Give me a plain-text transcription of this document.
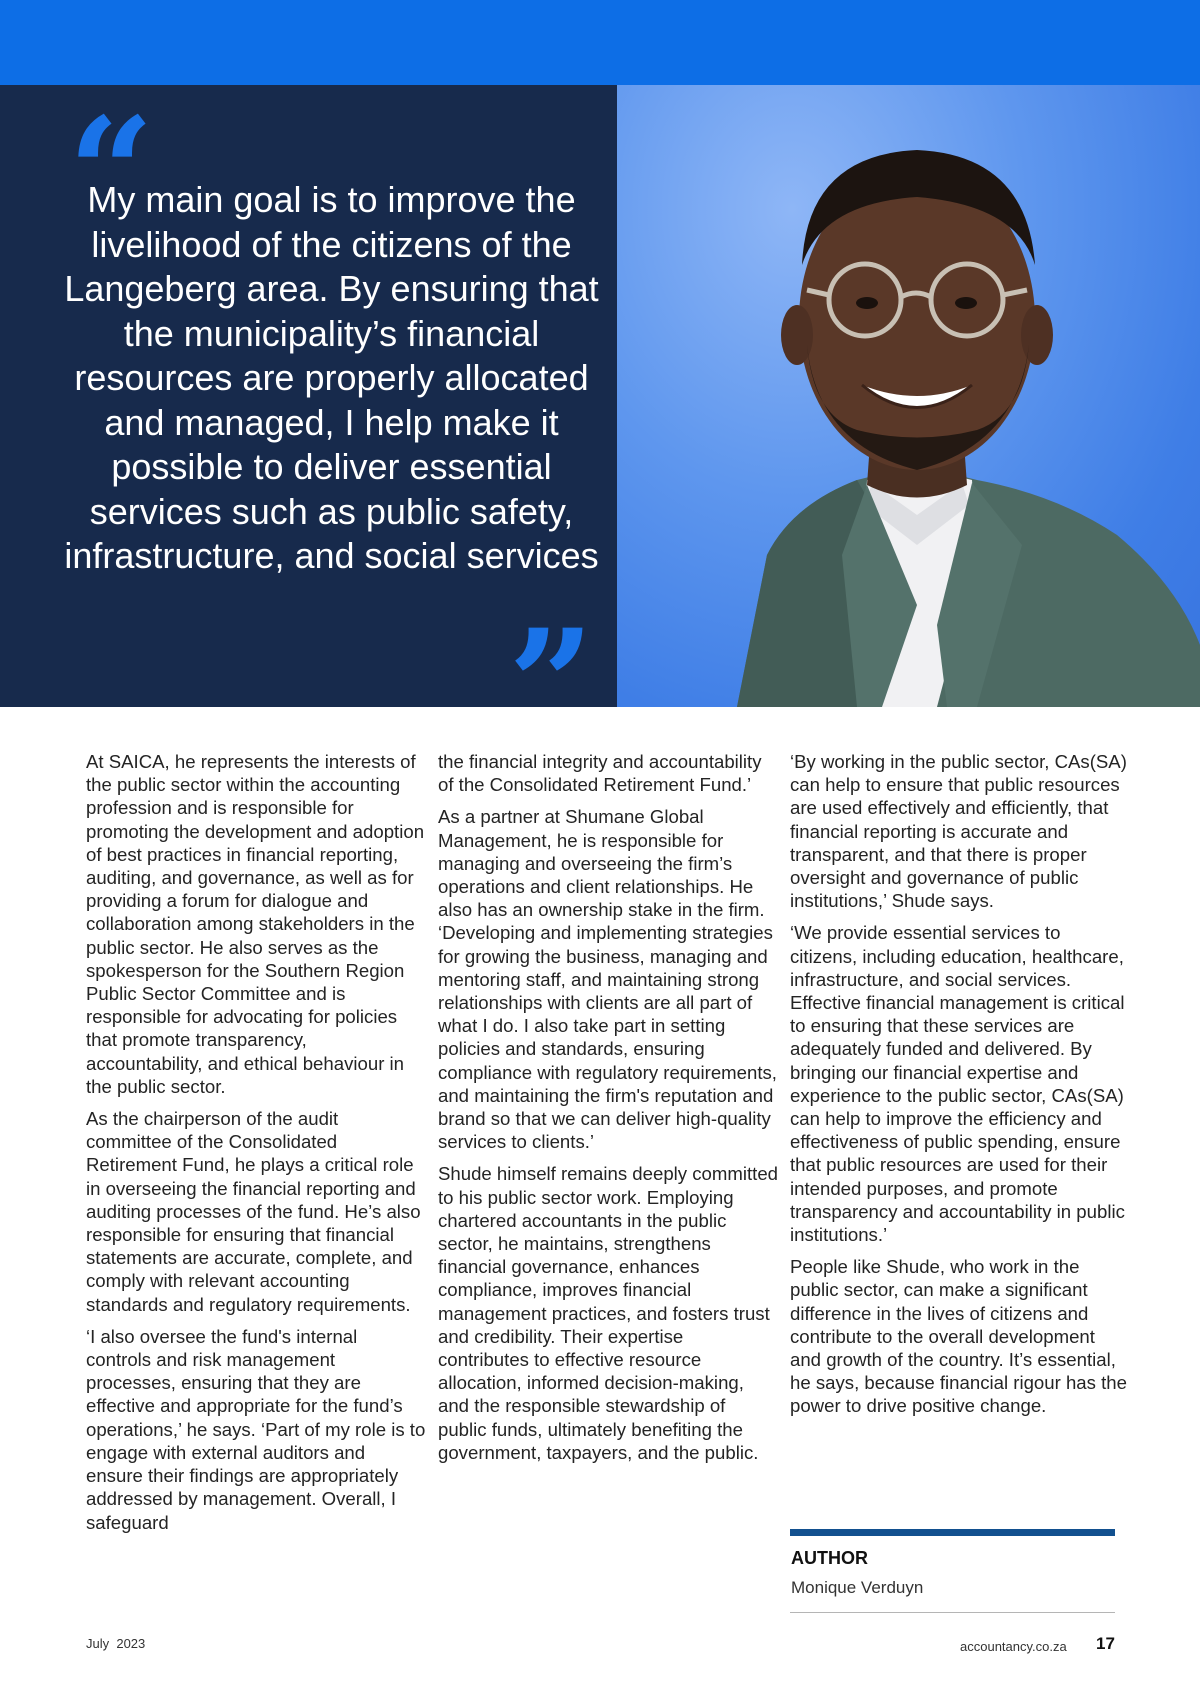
“

My main goal is to improve the livelihood of the citizens of the Langeberg area. By ensuring that the municipality’s financial resources are properly allocated and managed, I help make it possible to deliver essential services such as public safety, infrastructure, and social services

”

At SAICA, he represents the interests of the public sector within the accounting profession and is responsible for promoting the development and adoption of best practices in financial reporting, auditing, and governance, as well as for providing a forum for dialogue and collaboration among stakeholders in the public sector. He also serves as the spokesperson for the Southern Region Public Sector Committee and is responsible for advocating for policies that promote transparency, accountability, and ethical behaviour in the public sector.

As the chairperson of the audit committee of the Consolidated Retirement Fund, he plays a critical role in overseeing the financial reporting and auditing processes of the fund. He’s also responsible for ensuring that financial statements are accurate, complete, and comply with relevant accounting standards and regulatory requirements.

‘I also oversee the fund's internal controls and risk management processes, ensuring that they are effective and appropriate for the fund’s operations,’ he says. ‘Part of my role is to engage with external auditors and ensure their findings are appropriately addressed by management. Overall, I safeguard

the financial integrity and accountability of the Consolidated Retirement Fund.’

As a partner at Shumane Global Management, he is responsible for managing and overseeing the firm’s operations and client relationships. He also has an ownership stake in the firm. ‘Developing and implementing strategies for growing the business, managing and mentoring staff, and maintaining strong relationships with clients are all part of what I do. I also take part in setting policies and standards, ensuring compliance with regulatory requirements, and maintaining the firm's reputation and brand so that we can deliver high-quality services to clients.’

Shude himself remains deeply committed to his public sector work. Employing chartered accountants in the public sector, he maintains, strengthens financial governance, enhances compliance, improves financial management practices, and fosters trust and credibility. Their expertise contributes to effective resource allocation, informed decision-making, and the responsible stewardship of public funds, ultimately benefiting the government, taxpayers, and the public.

‘By working in the public sector, CAs(SA) can help to ensure that public resources are used effectively and efficiently, that financial reporting is accurate and transparent, and that there is proper oversight and governance of public institutions,’ Shude says.

‘We provide essential services to citizens, including education, healthcare, infrastructure, and social services. Effective financial management is critical to ensuring that these services are adequately funded and delivered. By bringing our financial expertise and experience to the public sector, CAs(SA) can help to improve the efficiency and effectiveness of public spending, ensure that public resources are used for their intended purposes, and promote transparency and accountability in public institutions.’

People like Shude, who work in the public sector, can make a significant difference in the lives of citizens and contribute to the overall development and growth of the country. It’s essential, he says, because financial rigour has the power to drive positive change.

AUTHOR
Monique Verduyn
July  2023	accountancy.co.za 17
